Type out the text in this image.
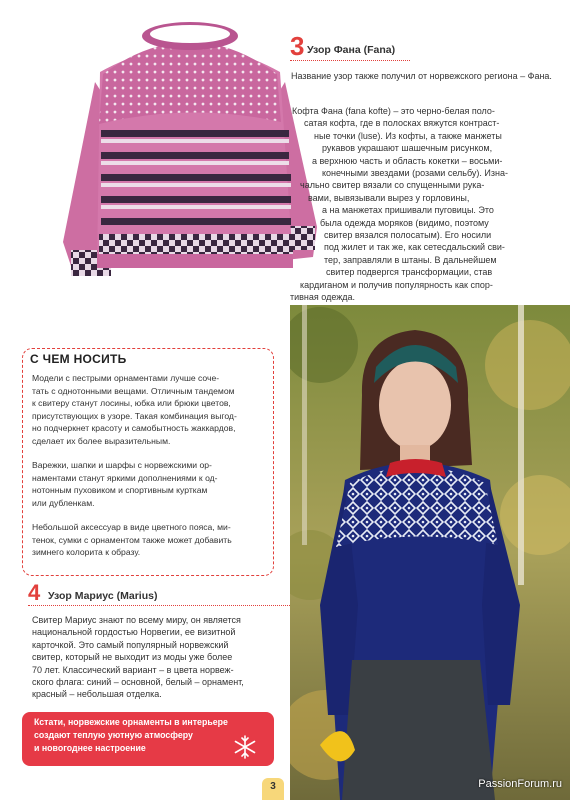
3 Узор Фана (Fana)
Название узор также получил от норвежского региона – Фана.
Кофта Фана (fana kofte) – это черно-белая поло-
сатая кофта, где в полосках вяжутся контраст-
ные точки (luse). Из кофты, а также манжеты
рукавов украшают шашечным рисунком,
а верхнюю часть и область кокетки – восьми-
конечными звездами (розами сельбу). Изна-
чально свитер вязали со спущенными рука-
вами, вывязывали вырез у горловины,
а на манжетах пришивали пуговицы. Это
была одежда моряков (видимо, поэтому
свитер вязался полосатым). Его носили
под жилет и так же, как сетесдальский сви-
тер, заправляли в штаны. В дальнейшем
свитер подвергся трансформации, став
кардиганом и получив популярность как спор-
тивная одежда.
С ЧЕМ НОСИТЬ
Модели с пестрыми орнаментами лучше соче-
тать с однотонными вещами. Отличным тандемом
к свитеру станут лосины, юбка или брюки цветов,
присутствующих в узоре. Такая комбинация выгод-
но подчеркнет красоту и самобытность жаккардов,
сделает их более выразительным.
Варежки, шапки и шарфы с норвежскими ор-
наментами станут яркими дополнениями к од-
нотонным пуховиком и спортивным курткам
или дубленкам.
Небольшой аксессуар в виде цветного пояса, ми-
тенок, сумки с орнаментом также может добавить
зимнего колорита к образу.
4 Узор Мариус (Marius)
Свитер Мариус знают по всему миру, он является
национальной гордостью Норвегии, ее визитной
карточкой. Это самый популярный норвежский
свитер, который не выходит из моды уже более
70 лет. Классический вариант – в цвета норвеж-
ского флага: синий – основной, белый – орнамент,
красный – небольшая отделка.
Кстати, норвежские орнаменты в интерьере
создают теплую уютную атмосферу
и новогоднее настроение
3	PassionForum.ru
